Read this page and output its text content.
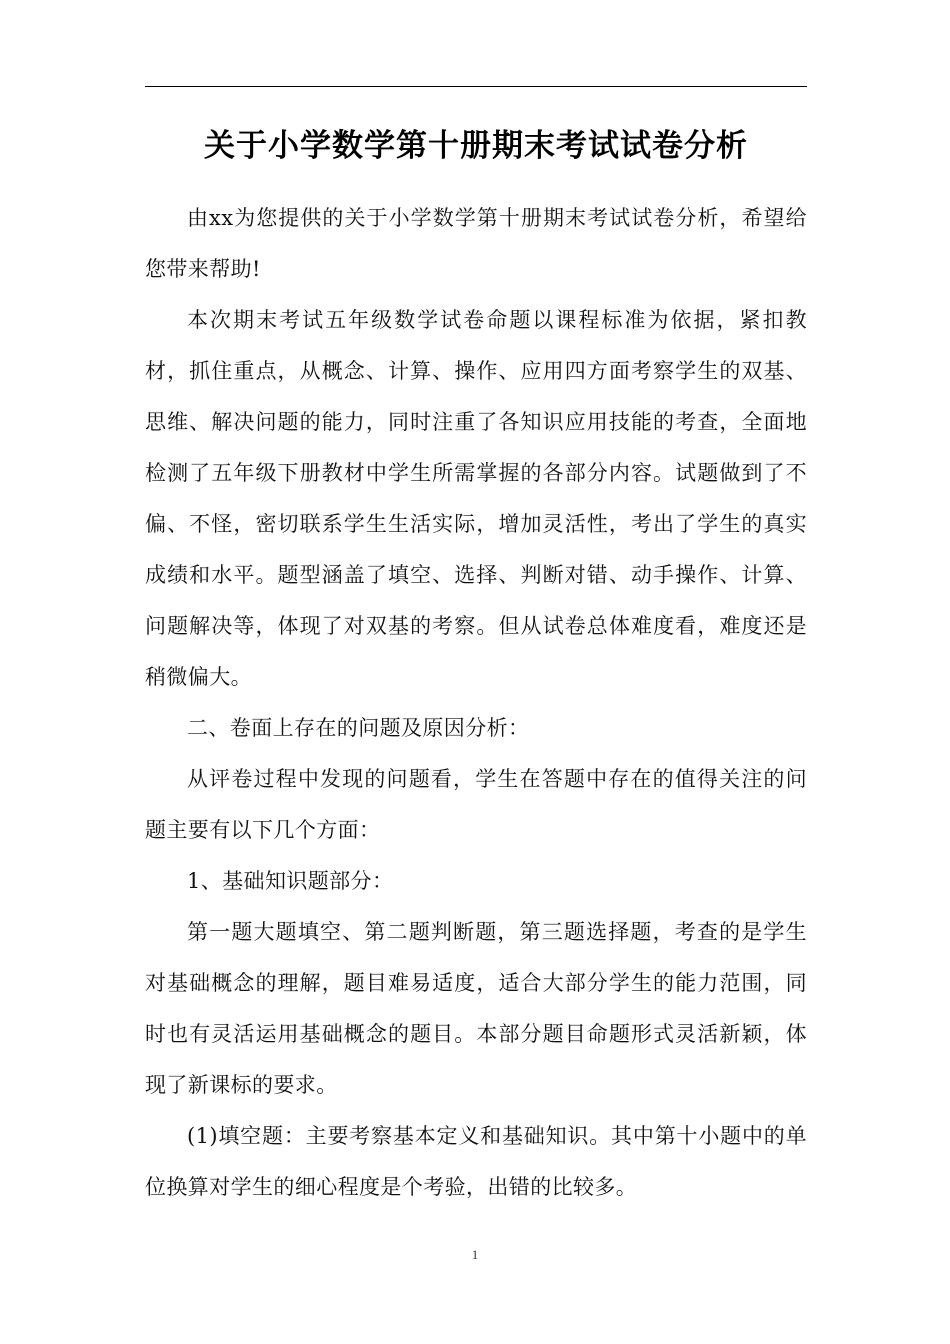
关于小学数学第十册期末考试试卷分析

由xx为您提供的关于小学数学第十册期末考试试卷分析，希望给您带来帮助!

本次期末考试五年级数学试卷命题以课程标准为依据，紧扣教材，抓住重点，从概念、计算、操作、应用四方面考察学生的双基、思维、解决问题的能力，同时注重了各知识应用技能的考查，全面地检测了五年级下册教材中学生所需掌握的各部分内容。试题做到了不偏、不怪，密切联系学生生活实际，增加灵活性，考出了学生的真实成绩和水平。题型涵盖了填空、选择、判断对错、动手操作、计算、问题解决等，体现了对双基的考察。但从试卷总体难度看，难度还是稍微偏大。

二、卷面上存在的问题及原因分析：

从评卷过程中发现的问题看，学生在答题中存在的值得关注的问题主要有以下几个方面：

1、基础知识题部分：

第一题大题填空、第二题判断题，第三题选择题，考查的是学生对基础概念的理解，题目难易适度，适合大部分学生的能力范围，同时也有灵活运用基础概念的题目。本部分题目命题形式灵活新颖，体现了新课标的要求。

(1)填空题：主要考察基本定义和基础知识。其中第十小题中的单位换算对学生的细心程度是个考验，出错的比较多。

1
